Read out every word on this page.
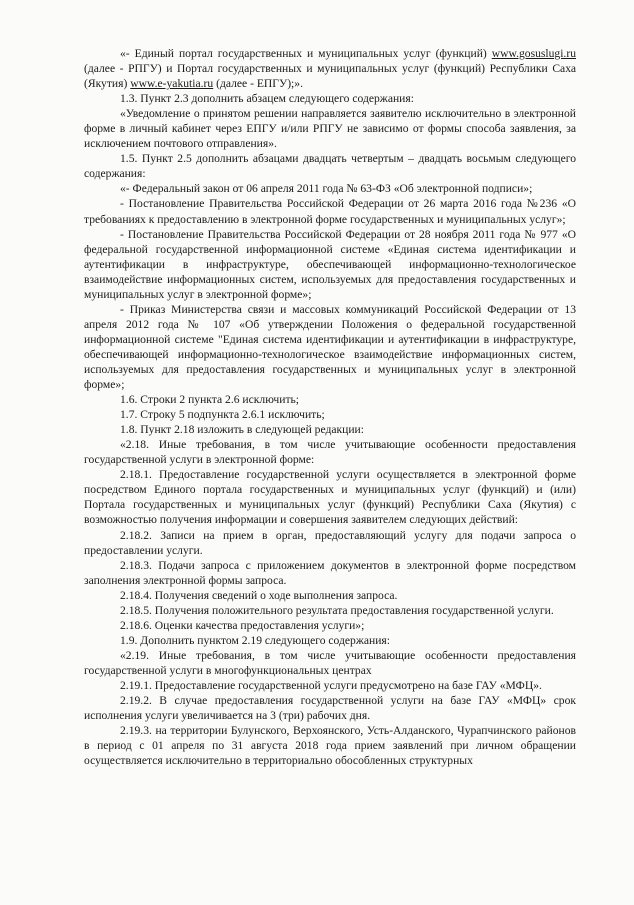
«- Единый портал государственных и муниципальных услуг (функций) www.gosuslugi.ru (далее - РПГУ) и Портал государственных и муниципальных услуг (функций) Республики Саха (Якутия) www.e-yakutia.ru (далее - ЕПГУ);».

1.3. Пункт 2.3 дополнить абзацем следующего содержания:

«Уведомление о принятом решении направляется заявителю исключительно в электронной форме в личный кабинет через ЕПГУ и/или РПГУ не зависимо от формы способа заявления, за исключением почтового отправления».

1.5. Пункт 2.5 дополнить абзацами двадцать четвертым – двадцать восьмым следующего содержания:

«- Федеральный закон от 06 апреля 2011 года № 63-ФЗ «Об электронной подписи»;

- Постановление Правительства Российской Федерации от 26 марта 2016 года №236 «О требованиях к предоставлению в электронной форме государственных и муниципальных услуг»;

- Постановление Правительства Российской Федерации от 28 ноября 2011 года № 977 «О федеральной государственной информационной системе «Единая система идентификации и аутентификации в инфраструктуре, обеспечивающей информационно-технологическое взаимодействие информационных систем, используемых для предоставления государственных и муниципальных услуг в электронной форме»;

- Приказ Министерства связи и массовых коммуникаций Российской Федерации от 13 апреля 2012 года № 107 «Об утверждении Положения о федеральной государственной информационной системе "Единая система идентификации и аутентификации в инфраструктуре, обеспечивающей информационно-технологическое взаимодействие информационных систем, используемых для предоставления государственных и муниципальных услуг в электронной форме»;

1.6. Строки 2 пункта 2.6 исключить;

1.7. Строку 5 подпункта 2.6.1 исключить;

1.8. Пункт 2.18 изложить в следующей редакции:

«2.18. Иные требования, в том числе учитывающие особенности предоставления государственной услуги в электронной форме:

2.18.1. Предоставление государственной услуги осуществляется в электронной форме посредством Единого портала государственных и муниципальных услуг (функций) и (или) Портала государственных и муниципальных услуг (функций) Республики Саха (Якутия) с возможностью получения информации и совершения заявителем следующих действий:

2.18.2. Записи на прием в орган, предоставляющий услугу для подачи запроса о предоставлении услуги.

2.18.3. Подачи запроса с приложением документов в электронной форме посредством заполнения электронной формы запроса.

2.18.4. Получения сведений о ходе выполнения запроса.

2.18.5. Получения положительного результата предоставления государственной услуги.

2.18.6. Оценки качества предоставления услуги»;

1.9. Дополнить пунктом 2.19 следующего содержания:

«2.19. Иные требования, в том числе учитывающие особенности предоставления государственной услуги в многофункциональных центрах

2.19.1. Предоставление государственной услуги предусмотрено на базе ГАУ «МФЦ».

2.19.2. В случае предоставления государственной услуги на базе ГАУ «МФЦ» срок исполнения услуги увеличивается на 3 (три) рабочих дня.

2.19.3. на территории Булунского, Верхоянского, Усть-Алданского, Чурапчинского районов в период с 01 апреля по 31 августа 2018 года прием заявлений при личном обращении осуществляется исключительно в территориально обособленных структурных
